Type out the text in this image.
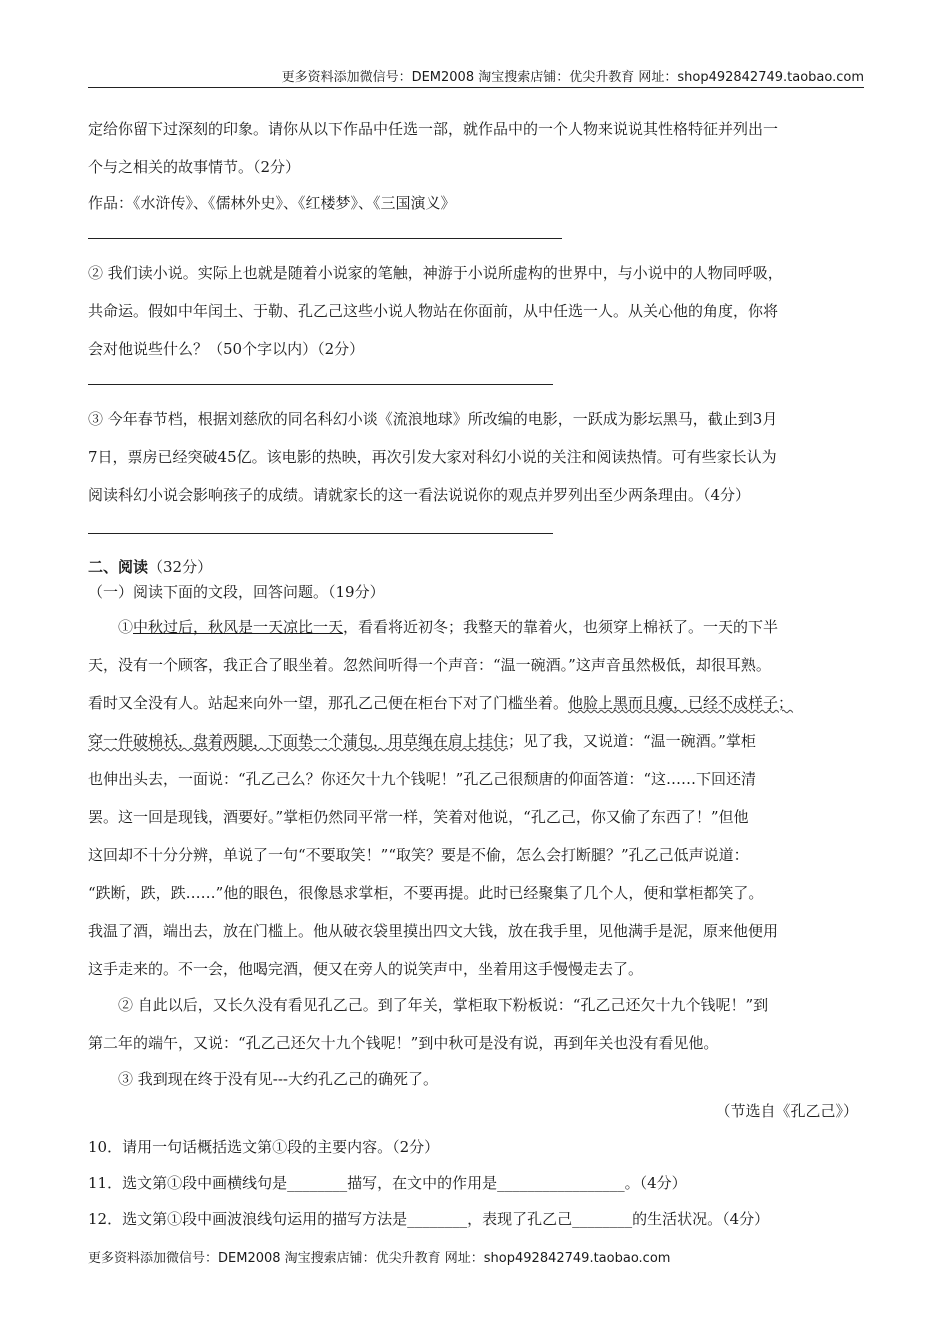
更多资料添加微信号：DEM2008 淘宝搜索店铺：优尖升教育 网址：shop492842749.taobao.com
定给你留下过深刻的印象。请你从以下作品中任选一部，就作品中的一个人物来说说其性格特征并列出一
个与之相关的故事情节。（2分）
作品：《水浒传》、《儒林外史》、《红楼梦》、《三国演义》
② 我们读小说。实际上也就是随着小说家的笔触，神游于小说所虚构的世界中，与小说中的人物同呼吸，
共命运。假如中年闰土、于勒、孔乙己这些小说人物站在你面前，从中任选一人。从关心他的角度，你将
会对他说些什么？（50个字以内）（2分）
③ 今年春节档，根据刘慈欣的同名科幻小谈《流浪地球》所改编的电影，一跃成为影坛黑马，截止到3月
7日，票房已经突破45亿。该电影的热映，再次引发大家对科幻小说的关注和阅读热情。可有些家长认为
阅读科幻小说会影响孩子的成绩。请就家长的这一看法说说你的观点并罗列出至少两条理由。（4分）
二、阅读（32分）
（一）阅读下面的文段，回答问题。（19分）
①中秋过后，秋风是一天凉比一天，看看将近初冬；我整天的靠着火，也须穿上棉袄了。一天的下半
天，没有一个顾客，我正合了眼坐着。忽然间听得一个声音：“温一碗酒。”这声音虽然极低，却很耳熟。
看时又全没有人。站起来向外一望，那孔乙己便在柜台下对了门槛坐着。他脸上黑而且瘦，已经不成样子；
穿一件破棉袄，盘着两腿，下面垫一个蒲包，用草绳在肩上挂住；见了我，又说道：“温一碗酒。”掌柜
也伸出头去，一面说：“孔乙己么？你还欠十九个钱呢！”孔乙己很颓唐的仰面答道：“这……下回还清
罢。这一回是现钱，酒要好。”掌柜仍然同平常一样，笑着对他说，“孔乙己，你又偷了东西了！”但他
这回却不十分分辨，单说了一句“不要取笑！”“取笑？要是不偷，怎么会打断腿？”孔乙己低声说道：
“跌断，跌，跌……”他的眼色，很像恳求掌柜，不要再提。此时已经聚集了几个人，便和掌柜都笑了。
我温了酒，端出去，放在门槛上。他从破衣袋里摸出四文大钱，放在我手里，见他满手是泥，原来他便用
这手走来的。不一会，他喝完酒，便又在旁人的说笑声中，坐着用这手慢慢走去了。
② 自此以后，又长久没有看见孔乙己。到了年关，掌柜取下粉板说：“孔乙己还欠十九个钱呢！”到
第二年的端午，又说：“孔乙己还欠十九个钱呢！”到中秋可是没有说，再到年关也没有看见他。
③ 我到现在终于没有见---大约孔乙己的确死了。
（节选自《孔乙己》）
10．请用一句话概括选文第①段的主要内容。（2分）
11．选文第①段中画横线句是________描写，在文中的作用是_________________。（4分）
12．选文第①段中画波浪线句运用的描写方法是________，表现了孔乙己________的生活状况。（4分）
更多资料添加微信号：DEM2008 淘宝搜索店铺：优尖升教育 网址：shop492842749.taobao.com
